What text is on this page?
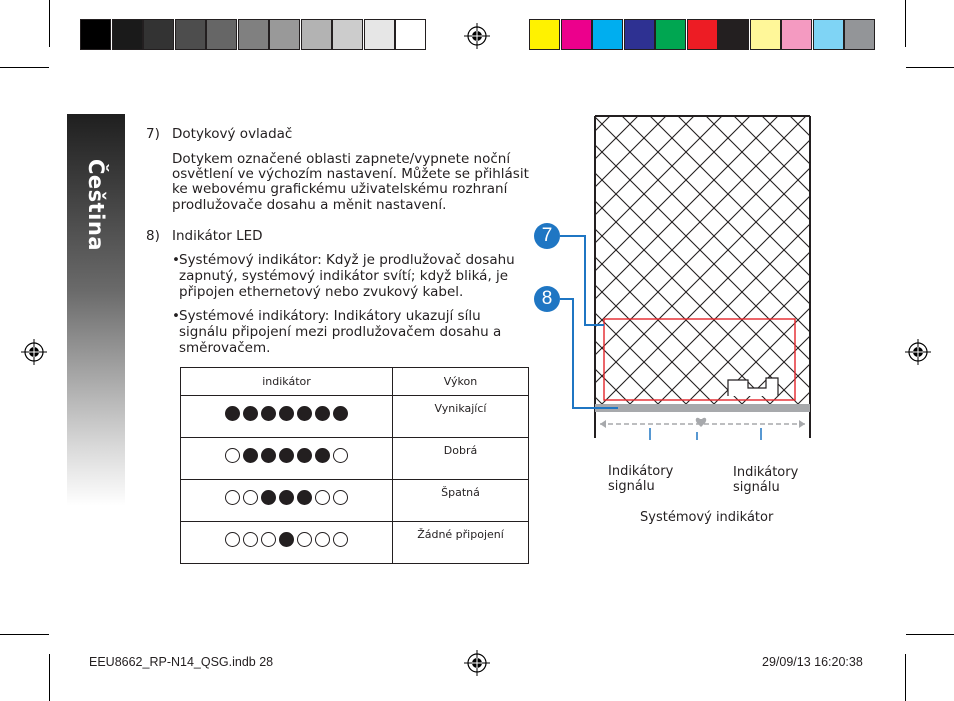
Čeština
7) Dotykový ovladač
Dotykem označené oblasti zapnete/vypnete noční
osvětlení ve výchozím nastavení. Můžete se přihlásit
ke webovému grafickému uživatelskému rozhraní
prodlužovače dosahu a měnit nastavení.
8) Indikátor LED
• Systémový indikátor: Když je prodlužovač dosahu
zapnutý, systémový indikátor svítí; když bliká, je
připojen ethernetový nebo zvukový kabel.
• Systémové indikátory: Indikátory ukazují sílu
signálu připojení mezi prodlužovačem dosahu a
směrovačem.
indikátor	Výkon

	Vynikající

	Dobrá

	Špatná

	Žádné připojení
7
8
Indikátory
signálu
Indikátory
signálu
Systémový indikátor
EEU8662_RP-N14_QSG.indb 28	29/09/13 16:20:38
